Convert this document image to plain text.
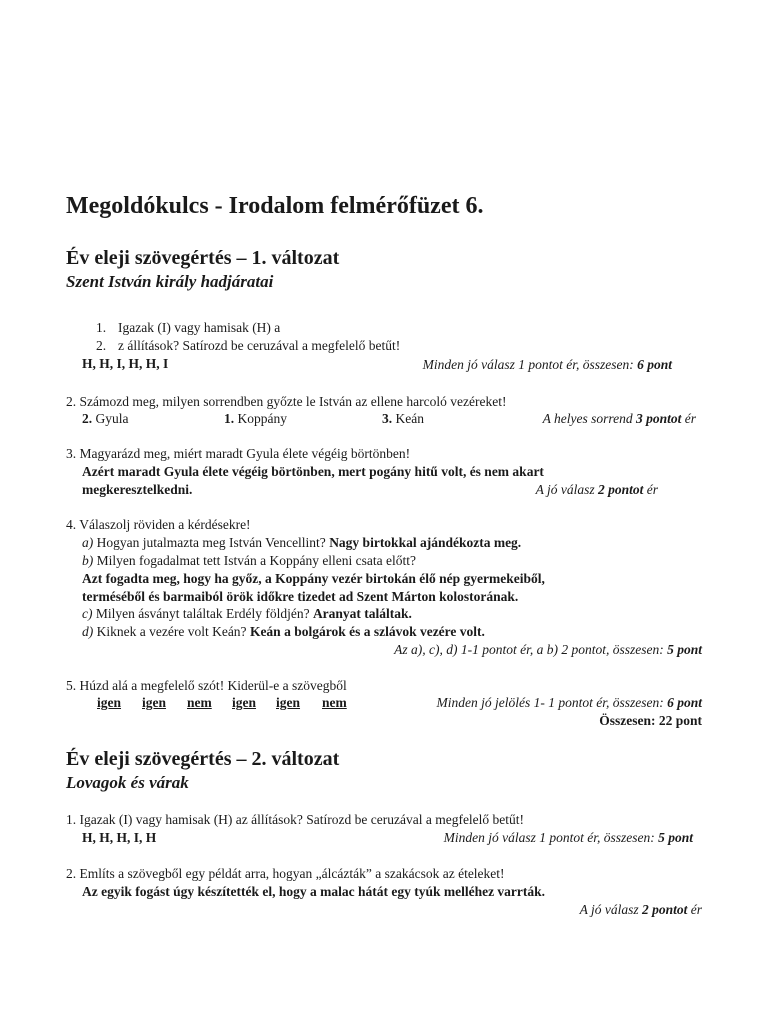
Megoldókulcs - Irodalom felmérőfüzet 6.
Év eleji szövegértés – 1. változat
Szent István király hadjáratai
1. Igazak (I) vagy hamisak (H) a
2. z állítások? Satírozd be ceruzával a megfelelő betűt!
H, H, I, H, H, I	Minden jó válasz 1 pontot ér, összesen: 6 pont
2. Számozd meg, milyen sorrendben győzte le István az ellene harcoló vezéreket!
2. Gyula	1. Koppány	3. Keán	A helyes sorrend 3 pontot ér
3. Magyarázd meg, miért maradt Gyula élete végéig börtönben!
Azért maradt Gyula élete végéig börtönben, mert pogány hitű volt, és nem akart
megkeresztelkedni.	A jó válasz 2 pontot ér
4. Válaszolj röviden a kérdésekre!
a) Hogyan jutalmazta meg István Vencellint? Nagy birtokkal ajándékozta meg.
b) Milyen fogadalmat tett István a Koppány elleni csata előtt?
Azt fogadta meg, hogy ha győz, a Koppány vezér birtokán élő nép gyermekeiből,
terméséből és barmaiból örök időkre tizedet ad Szent Márton kolostorának.
c) Milyen ásványt találtak Erdély földjén? Aranyat találtak.
d) Kiknek a vezére volt Keán? Keán a bolgárok és a szlávok vezére volt.
Az a), c), d) 1-1 pontot ér, a b) 2 pontot, összesen: 5 pont
5. Húzd alá a megfelelő szót! Kiderül-e a szövegből
igen igen nem igen igen nem	Minden jó jelölés 1- 1 pontot ér, összesen: 6 pont
Összesen: 22 pont
Év eleji szövegértés – 2. változat
Lovagok és várak
1. Igazak (I) vagy hamisak (H) az állítások? Satírozd be ceruzával a megfelelő betűt!
H, H, H, I, H	Minden jó válasz 1 pontot ér, összesen: 5 pont
2. Említs a szövegből egy példát arra, hogyan „álcázták” a szakácsok az ételeket!
Az egyik fogást úgy készítették el, hogy a malac hátát egy tyúk melléhez varrták.
A jó válasz 2 pontot ér
